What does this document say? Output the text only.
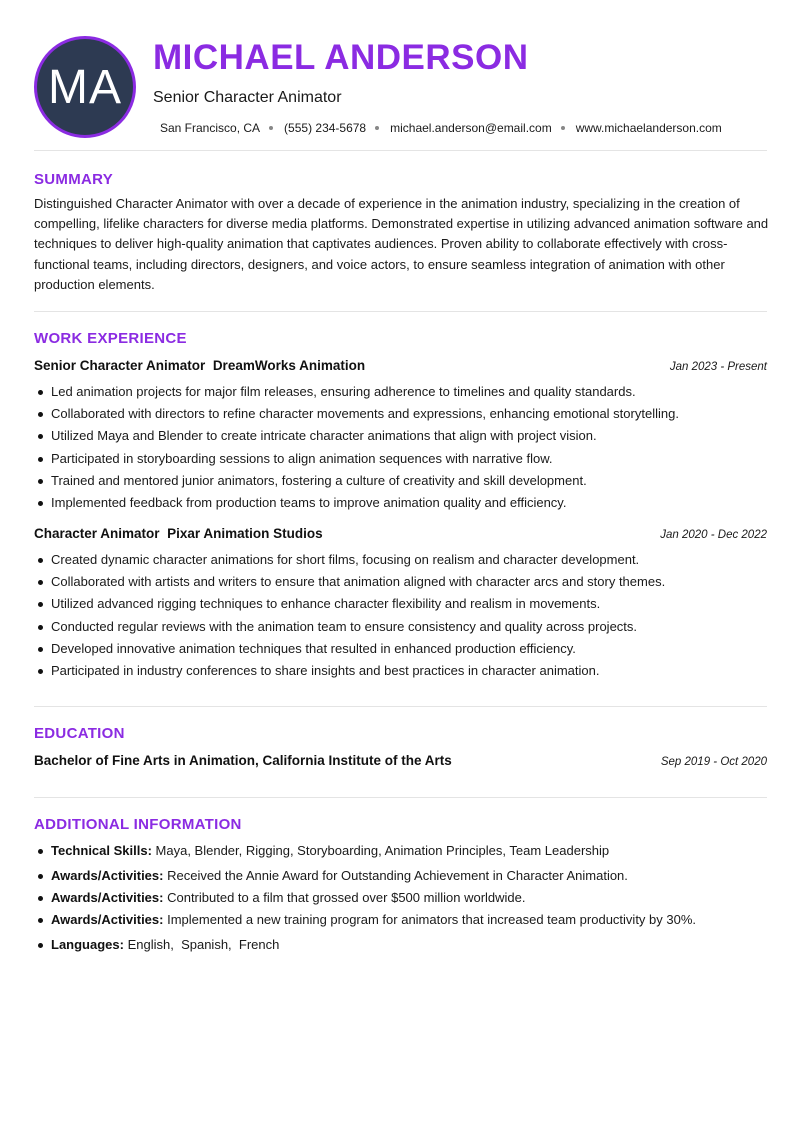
MA
MICHAEL ANDERSON
Senior Character Animator
San Francisco, CA (555) 234-5678 michael.anderson@email.com www.michaelanderson.com
SUMMARY

Distinguished Character Animator with over a decade of experience in the animation industry, specializing in the creation of compelling, lifelike characters for diverse media platforms. Demonstrated expertise in utilizing advanced animation software and techniques to deliver high-quality animation that captivates audiences. Proven ability to collaborate effectively with cross-functional teams, including directors, designers, and voice actors, to ensure seamless integration of animation with other production elements.

WORK EXPERIENCE
Senior Character Animator DreamWorks Animation	Jan 2023 - Present
Led animation projects for major film releases, ensuring adherence to timelines and quality standards.
Collaborated with directors to refine character movements and expressions, enhancing emotional storytelling.
Utilized Maya and Blender to create intricate character animations that align with project vision.
Participated in storyboarding sessions to align animation sequences with narrative flow.
Trained and mentored junior animators, fostering a culture of creativity and skill development.
Implemented feedback from production teams to improve animation quality and efficiency.
Character Animator Pixar Animation Studios	Jan 2020 - Dec 2022
Created dynamic character animations for short films, focusing on realism and character development.
Collaborated with artists and writers to ensure that animation aligned with character arcs and story themes.
Utilized advanced rigging techniques to enhance character flexibility and realism in movements.
Conducted regular reviews with the animation team to ensure consistency and quality across projects.
Developed innovative animation techniques that resulted in enhanced production efficiency.
Participated in industry conferences to share insights and best practices in character animation.
EDUCATION
Bachelor of Fine Arts in Animation, California Institute of the Arts	Sep 2019 - Oct 2020
ADDITIONAL INFORMATION
Technical Skills: Maya, Blender, Rigging, Storyboarding, Animation Principles, Team Leadership
Awards/Activities: Received the Annie Award for Outstanding Achievement in Character Animation.
Awards/Activities: Contributed to a film that grossed over $500 million worldwide.
Awards/Activities: Implemented a new training program for animators that increased team productivity by 30%.
Languages: English,  Spanish,  French
